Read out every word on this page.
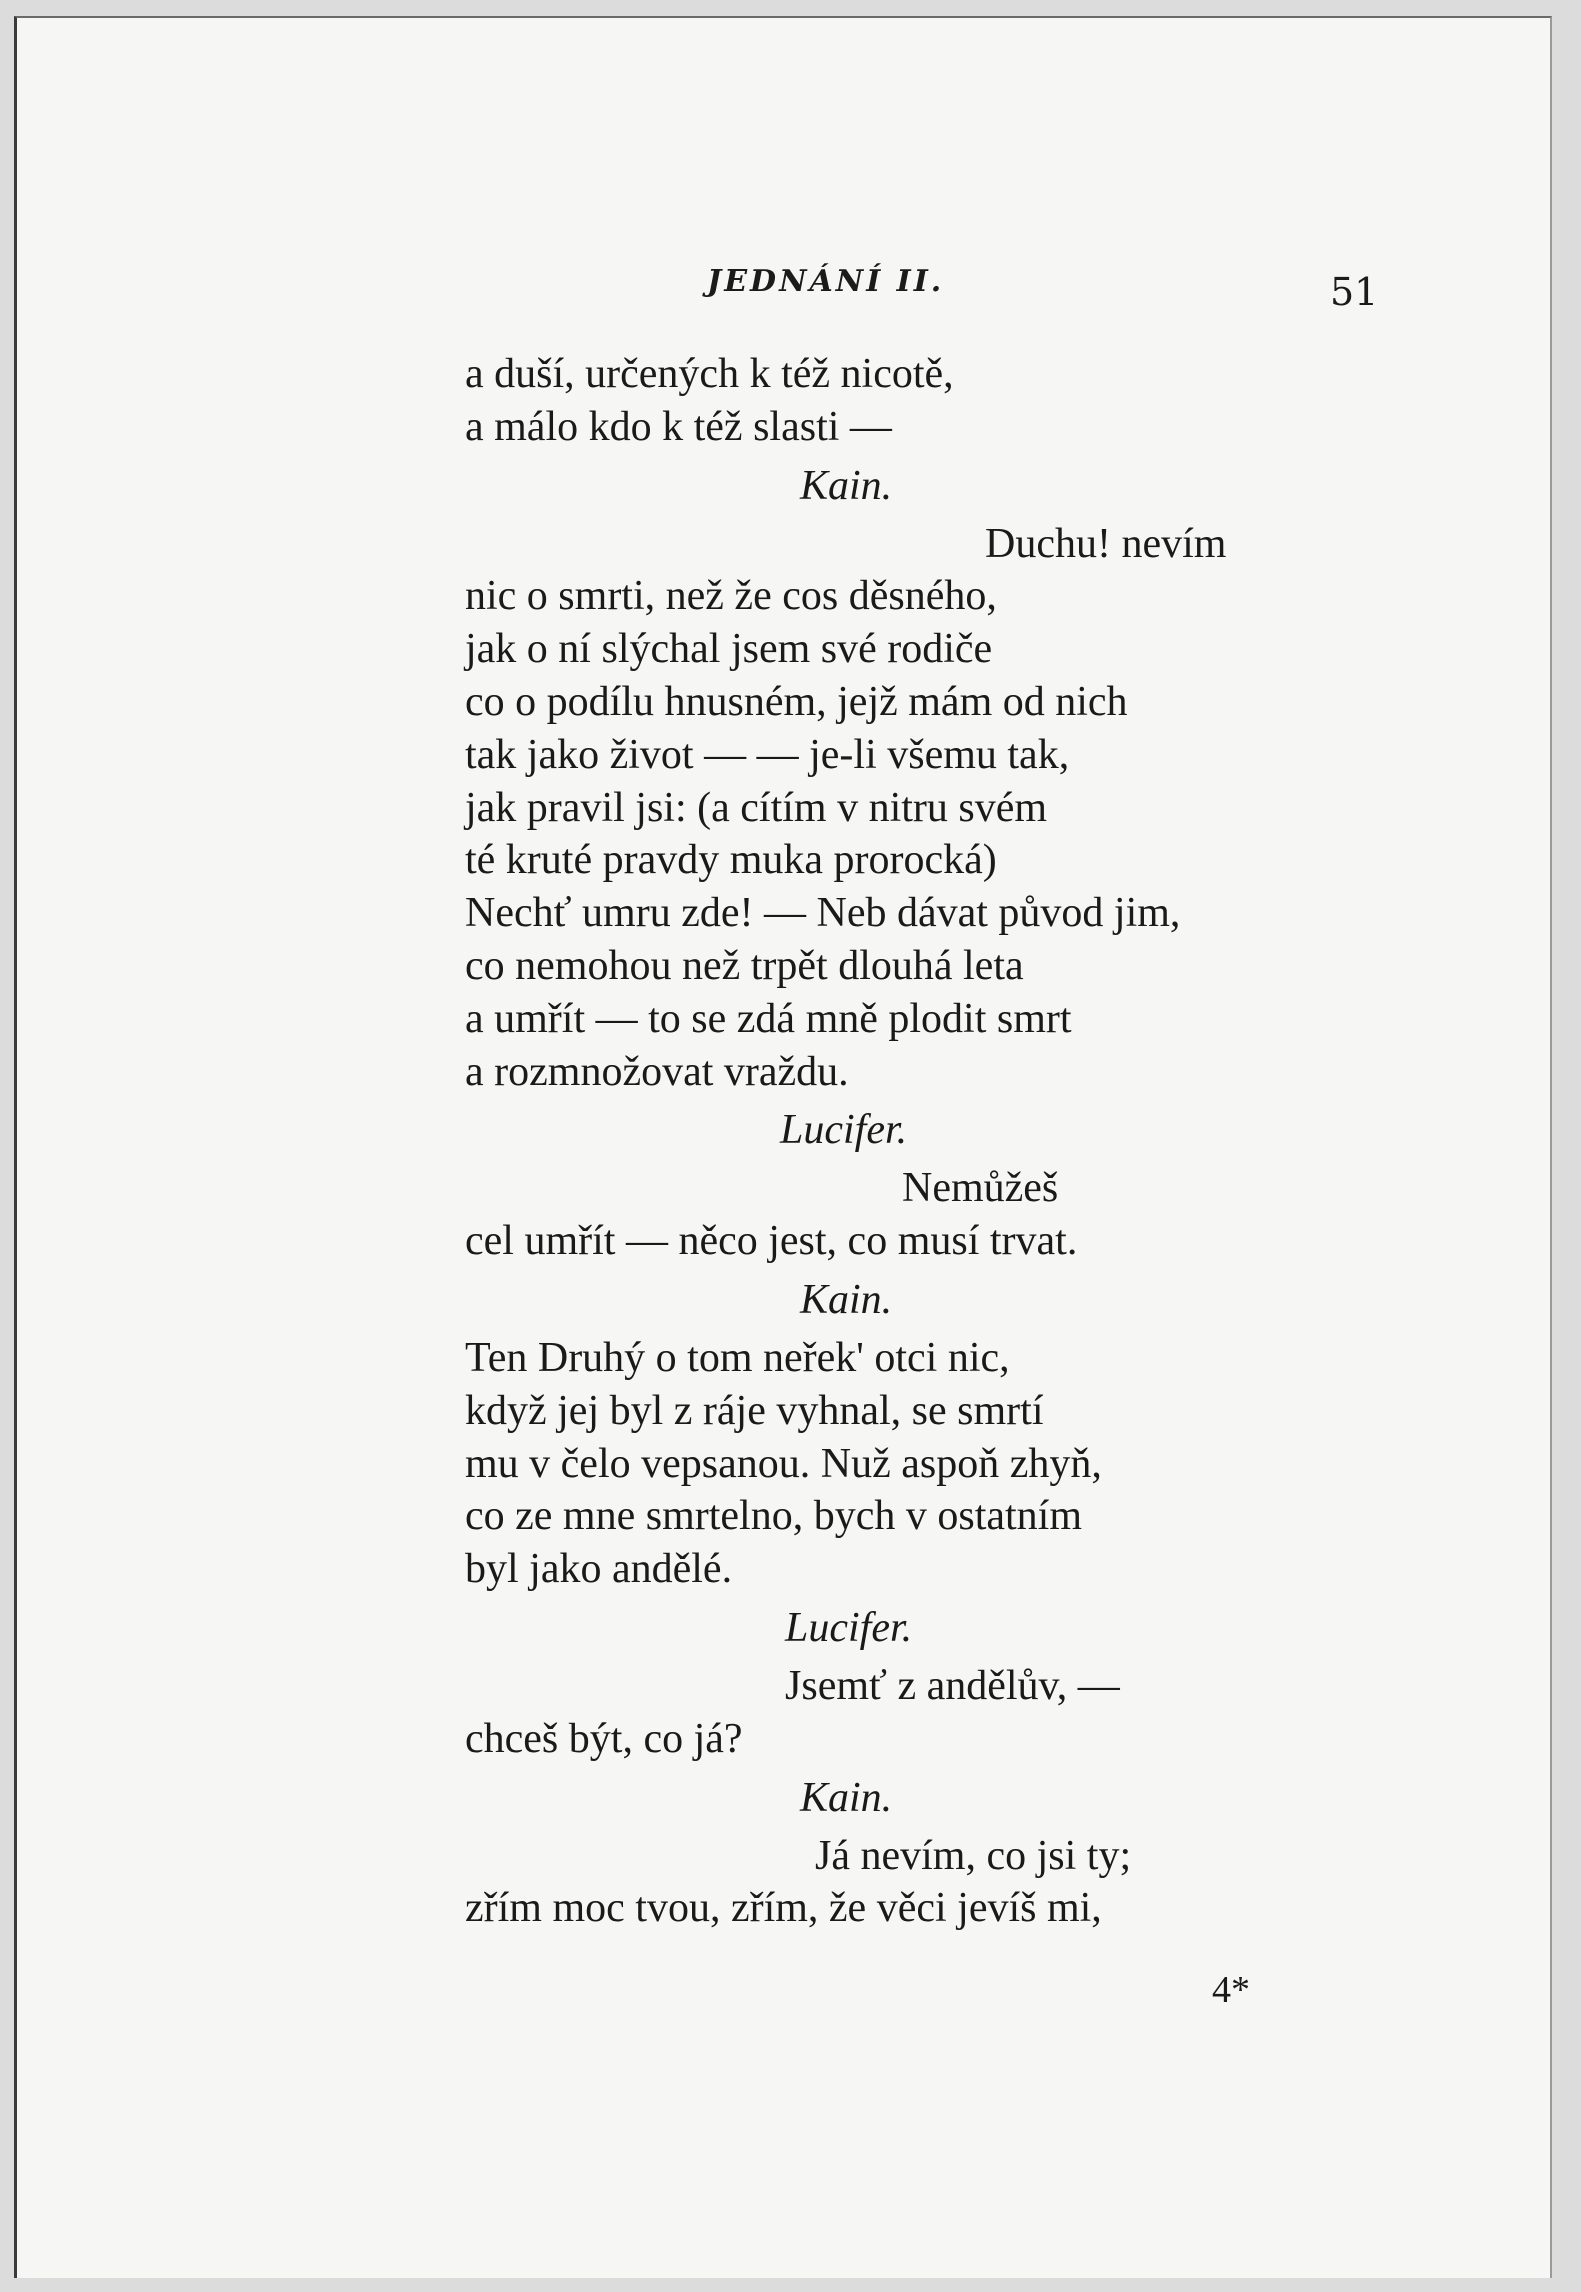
JEDNÁNÍ II.	51
a duší, určených k též nicotě,
a málo kdo k též slasti —
Kain.
Duchu! nevím
nic o smrti, než že cos děsného,
jak o ní slýchal jsem své rodiče
co o podílu hnusném, jejž mám od nich
tak jako život — — je-li všemu tak,
jak pravil jsi: (a cítím v nitru svém
té kruté pravdy muka prorocká)
Nechť umru zde! — Neb dávat původ jim,
co nemohou než trpět dlouhá leta
a umřít — to se zdá mně plodit smrt
a rozmnožovat vraždu.
Lucifer.
Nemůžeš
cel umřít — něco jest, co musí trvat.
Kain.
Ten Druhý o tom neřek' otci nic,
když jej byl z ráje vyhnal, se smrtí
mu v čelo vepsanou. Nuž aspoň zhyň,
co ze mne smrtelno, bych v ostatním
byl jako andělé.
Lucifer.
Jsemť z andělův, —
chceš být, co já?
Kain.
Já nevím, co jsi ty;
zřím moc tvou, zřím, že věci jevíš mi,
4*
